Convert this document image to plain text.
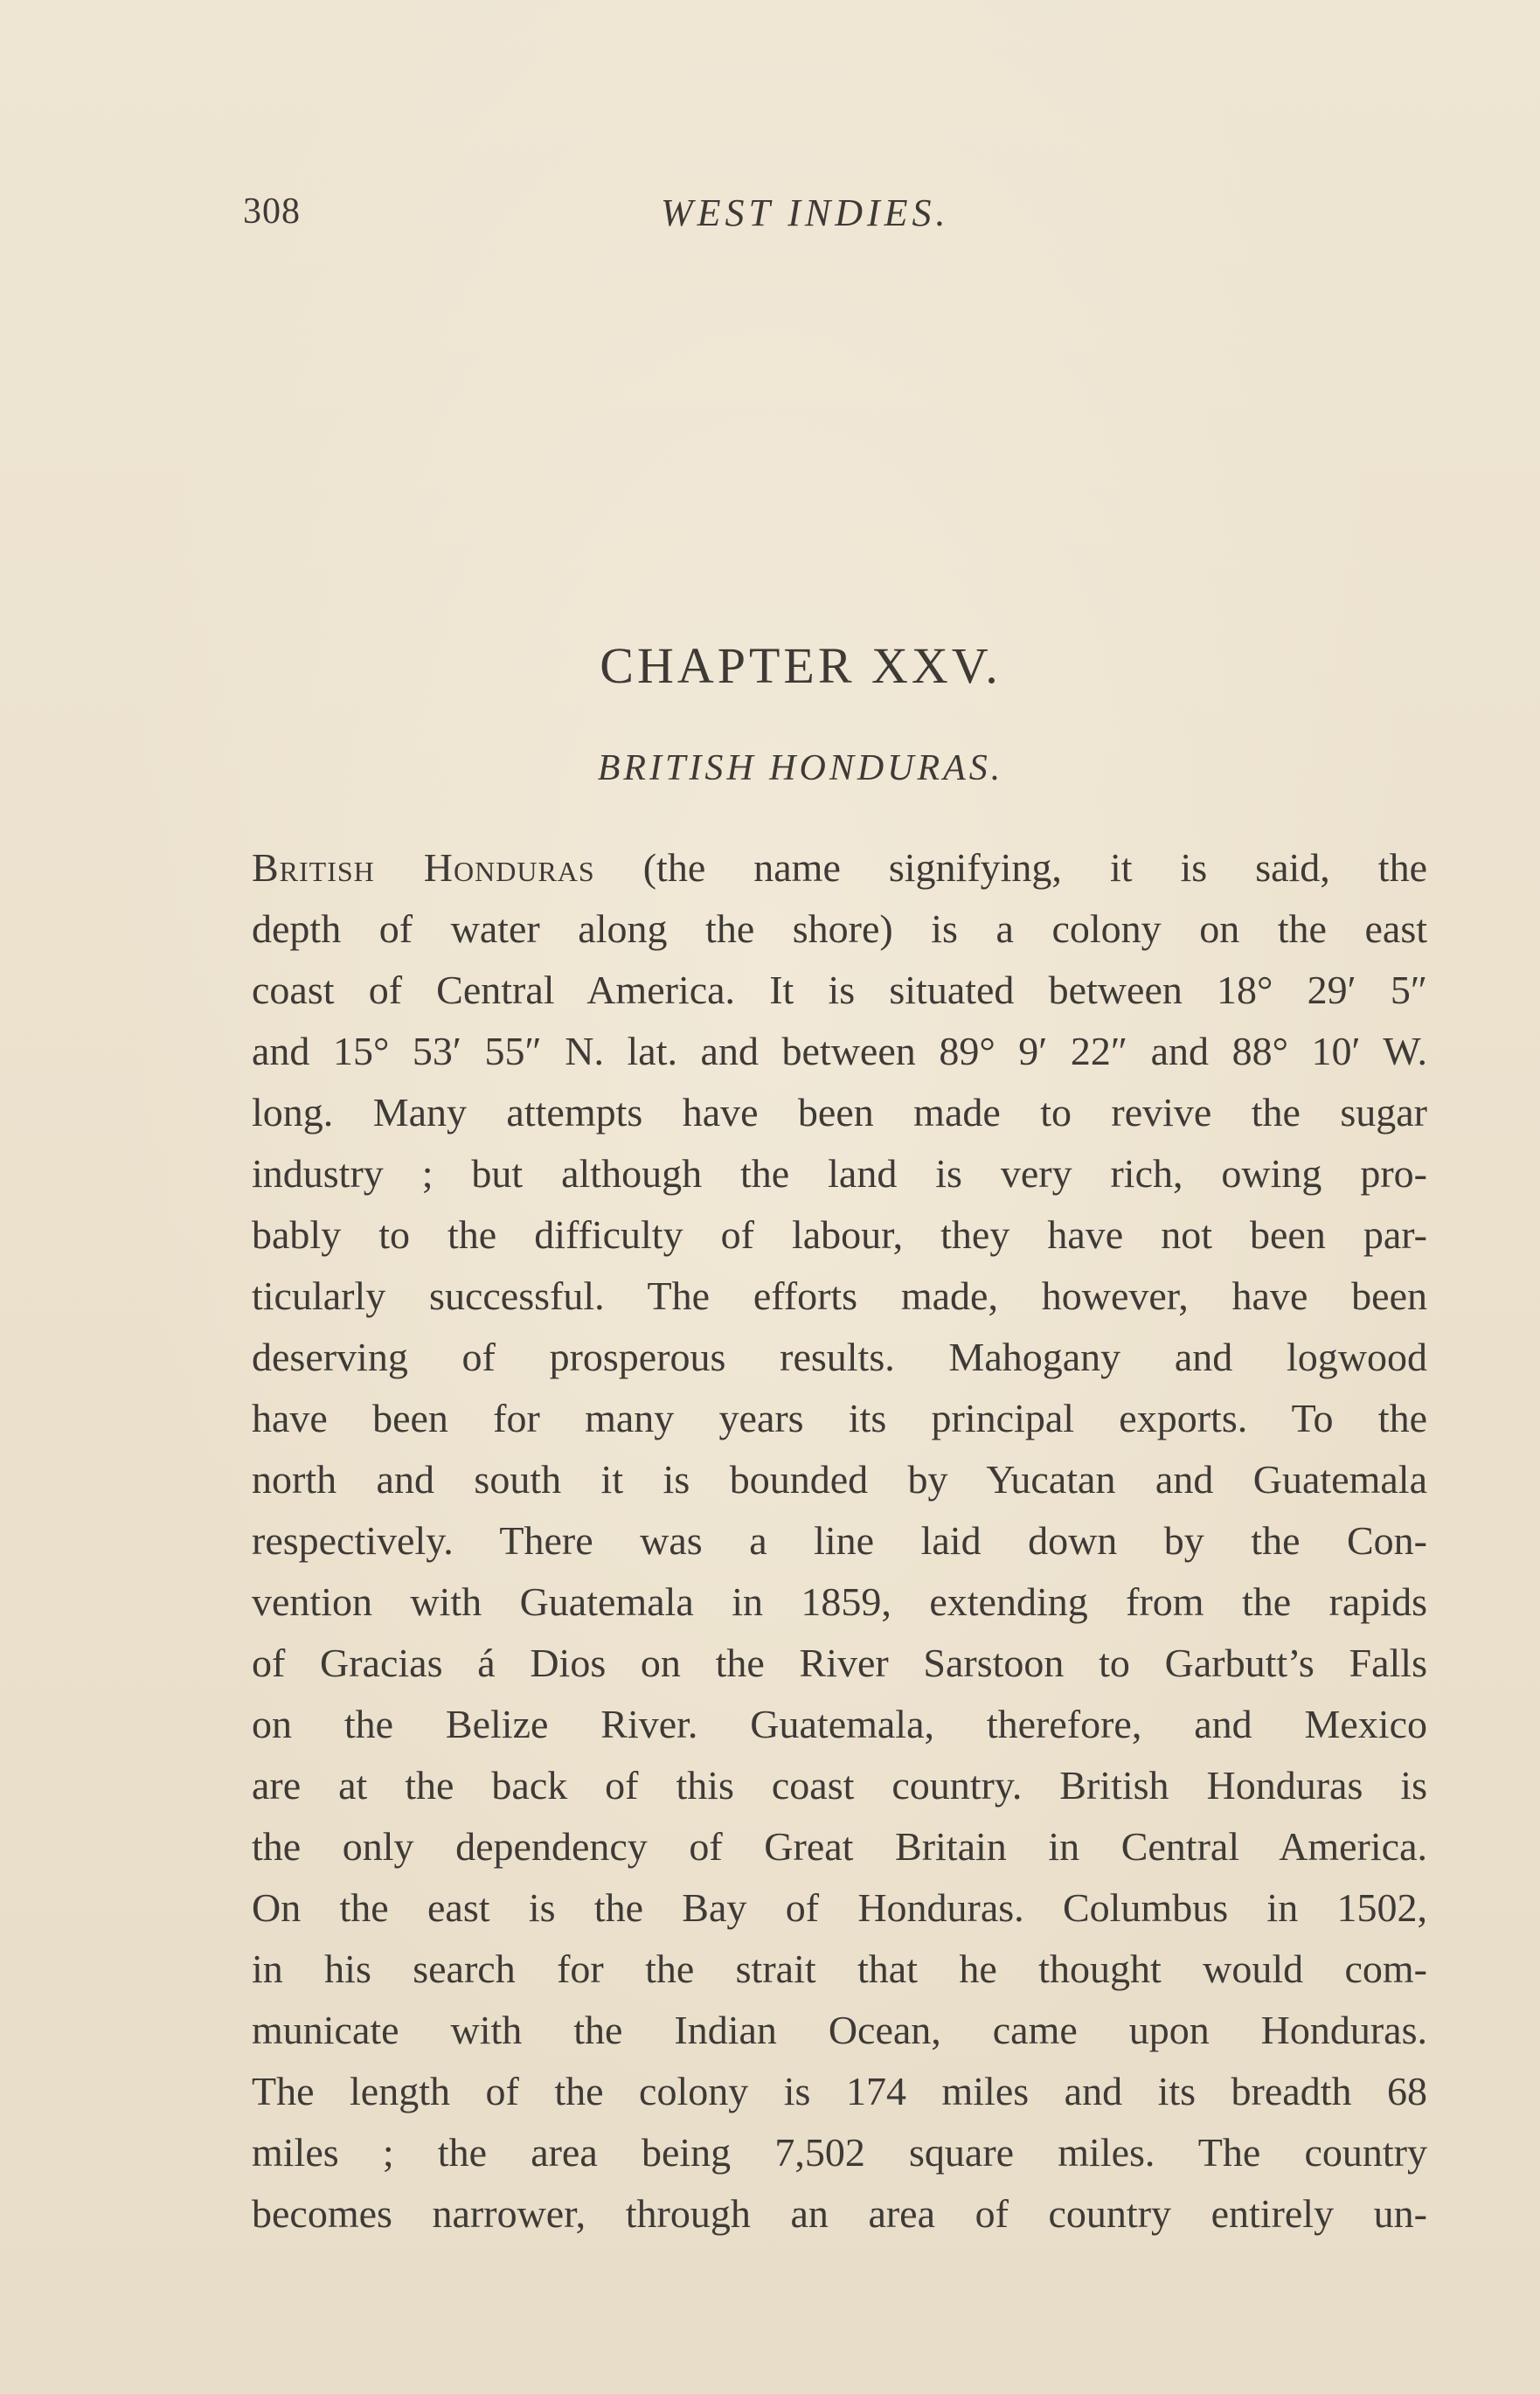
308	WEST INDIES.
CHAPTER XXV.
BRITISH HONDURAS.
British Honduras (the name signifying, it is said, the
depth of water along the shore) is a colony on the east
coast of Central America. It is situated between 18° 29′ 5″
and 15° 53′ 55″ N. lat. and between 89° 9′ 22″ and 88° 10′ W.
long. Many attempts have been made to revive the sugar
industry ; but although the land is very rich, owing pro-
bably to the difficulty of labour, they have not been par-
ticularly successful. The efforts made, however, have been
deserving of prosperous results. Mahogany and logwood
have been for many years its principal exports. To the
north and south it is bounded by Yucatan and Guatemala
respectively. There was a line laid down by the Con-
vention with Guatemala in 1859, extending from the rapids
of Gracias á Dios on the River Sarstoon to Garbutt’s Falls
on the Belize River. Guatemala, therefore, and Mexico
are at the back of this coast country. British Honduras is
the only dependency of Great Britain in Central America.
On the east is the Bay of Honduras. Columbus in 1502,
in his search for the strait that he thought would com-
municate with the Indian Ocean, came upon Honduras.
The length of the colony is 174 miles and its breadth 68
miles ; the area being 7,502 square miles. The country
becomes narrower, through an area of country entirely un-
